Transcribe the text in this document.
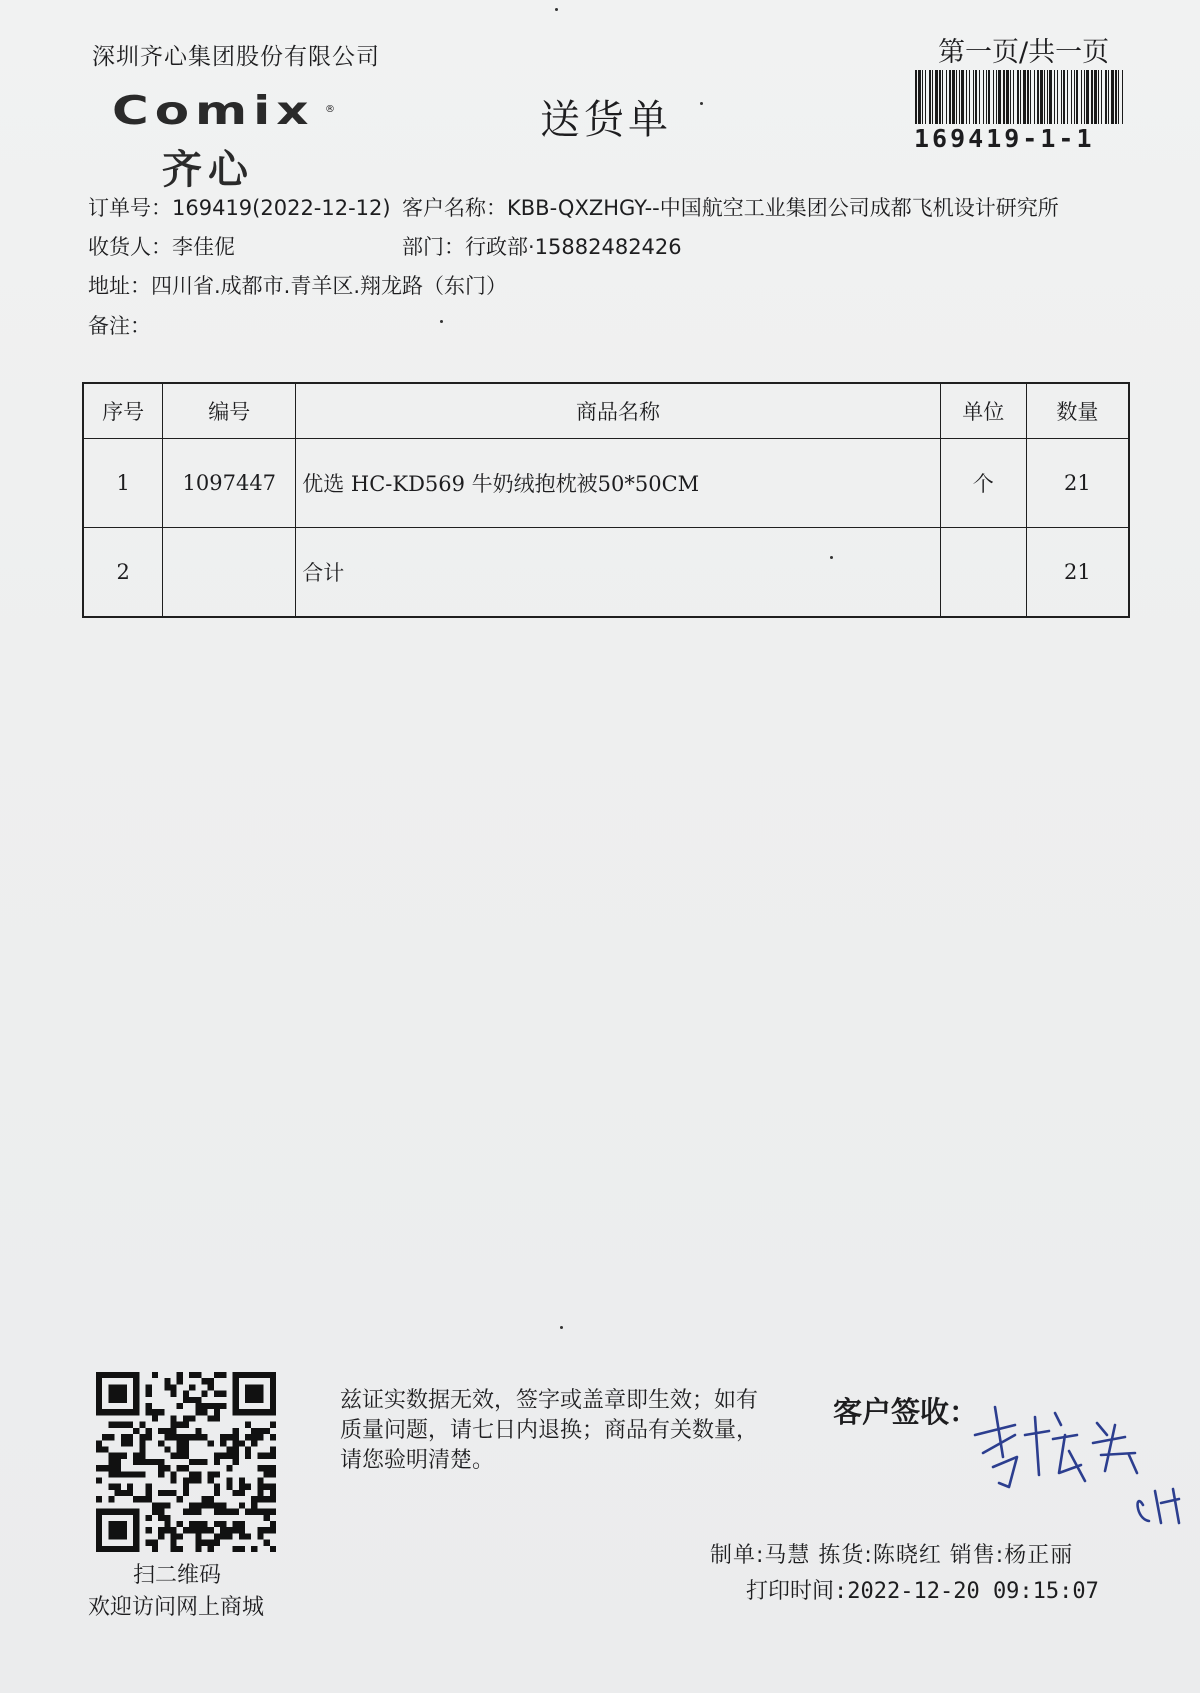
深圳齐心集团股份有限公司	第一页/共一页
Comix ®
齐心
送货单	169419-1-1
订单号：169419(2022-12-12) 客户名称：KBB-QXZHGY--中国航空工业集团公司成都飞机设计研究所
收货人：李佳伲	部门：行政部·15882482426
地址：四川省.成都市.青羊区.翔龙路（东门）
备注：
序号	编号	商品名称	单位	数量
1	1097447	优选 HC-KD569 牛奶绒抱枕被50*50CM	个	21
2		合计		21
扫二维码
欢迎访问网上商城
兹证实数据无效，签字或盖章即生效；如有质量问题，请七日内退换；商品有关数量，请您验明清楚。
客户签收：
制单:马慧 拣货:陈晓红 销售:杨正丽
打印时间:2022-12-20 09:15:07
